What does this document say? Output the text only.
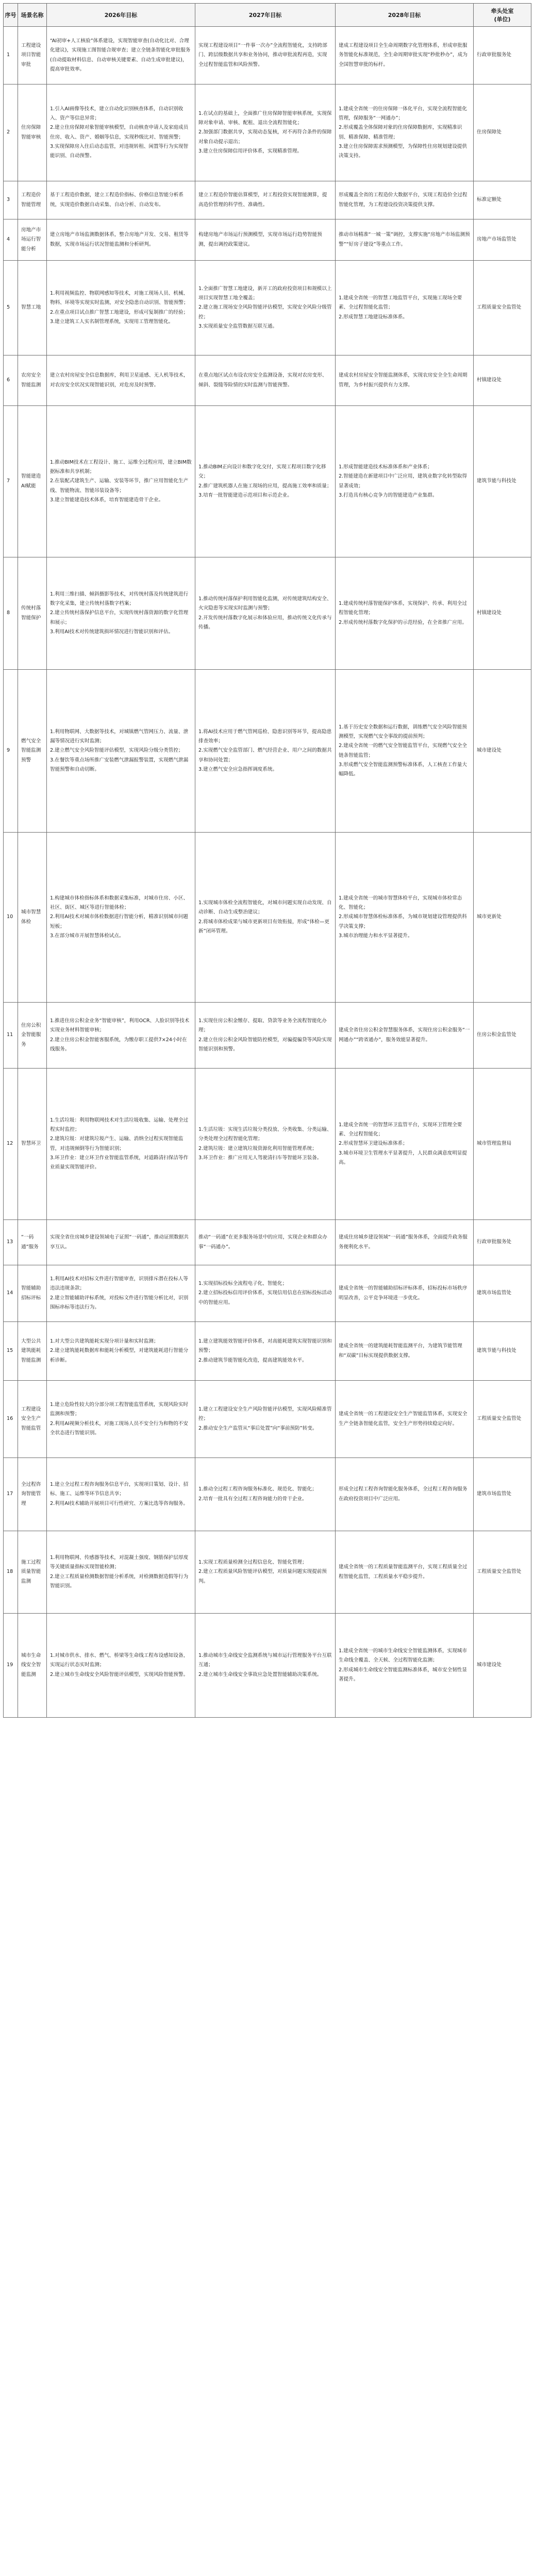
序号	场景名称	2026年目标	2027年目标	2028年目标	牵头处室
(单位)
1	工程建设项目智能审批	“AI初审+人工核验”体系建设，实现智能审查(自动化比对、合理化建议)，实现施工图智能合规审查；建立全链条智能化审批服务(自动提取材料信息、自动审核关键要素、自动生成审批建议)，提高审批效率。	实现工程建设项目“一件事一次办”全流程智能化，支持跨部门、跨层级数据共享和业务协同，推动审批流程再造，实现全过程智能监管和风险预警。	建成工程建设项目全生命周期数字化管理体系，形成审批服务智能化标准规范，全生命周期审批实现“秒批秒办”，成为全国智慧审批的标杆。	行政审批服务处
2	住房保障智能审核	1.引入AI画像等技术，建立自动化识别核查体系，自动识别收入、资产等信息异常；
2.建立住房保障对象智能审核模型，自动核查申请人及家庭成员住房、收入、资产、婚姻等信息，实现秒级比对、智能预警；
3.实现保障房入住后动态监管，对违规转租、闲置等行为实现智能识别、自动预警。	1.在试点的基础上，全面推广住房保障智能审核系统，实现保障对象申请、审核、配租、退出全流程智能化；
2.加强部门数据共享，实现动态复核，对不再符合条件的保障对象自动提示退出；
3.建立住房保障信用评价体系，实现精准管理。	1.建成全省统一的住房保障一体化平台，实现全流程智能化管理，保障服务“一网通办”；
2.形成覆盖全体保障对象的住房保障数据库，实现精准识别、精准保障、精准管理；
3.建立住房保障需求预测模型，为保障性住房规划建设提供决策支持。	住房保障处
3	工程造价智能管理	基于工程造价数据，建立工程造价指标、价格信息智能分析系统，实现造价数据自动采集、自动分析、自动发布。	建立工程造价智能估算模型，对工程投资实现智能测算，提高造价管理的科学性、准确性。	形成覆盖全省的工程造价大数据平台，实现工程造价全过程智能化管理，为工程建设投资决策提供支撑。	标准定额处
4	房地产市场运行智能分析	建立房地产市场监测数据体系，整合房地产开发、交易、租赁等数据，实现市场运行状况智能监测和分析研判。	构建房地产市场运行预测模型，实现市场运行趋势智能预测，提出调控政策建议。	推动市场精准“一城一策”调控，支撑实施“房地产市场监测预警”“好房子建设”等重点工作。	房地产市场监管处
5	智慧工地	1.利用视频监控、物联网感知等技术，对施工现场人员、机械、物料、环境等实现实时监测，对安全隐患自动识别、智能预警；
2.在重点项目试点推广智慧工地建设，形成可复制推广的经验；
3.建立建筑工人实名制管理系统，实现用工管理智能化。	1.全面推广智慧工地建设，新开工的政府投资项目和规模以上项目实现智慧工地全覆盖；
2.建立施工现场安全风险智能评估模型，实现安全风险分级管控；
3.实现质量安全监管数据互联互通。	1.建成全省统一的智慧工地监管平台，实现施工现场全要素、全过程智能化监管；
2.形成智慧工地建设标准体系。	工程质量安全监管处
6	农房安全智能监测	建立农村房屋安全信息数据库，利用卫星遥感、无人机等技术，对农房安全状况实现智能识别，对危房及时预警。	在重点地区试点布设农房安全监测设备，实现对农房变形、倾斜、裂缝等险情的实时监测与智能预警。	建成农村房屋安全智能监测体系，实现农房安全全生命周期管理，为乡村振兴提供有力支撑。	村镇建设处
7	智能建造AI赋能	1.推动BIM技术在工程设计、施工、运维全过程应用，建立BIM数据标准和共享机制；
2.在装配式建筑生产、运输、安装等环节，推广应用智能化生产线、智能物流、智能吊装设备等；
3.建立智能建造技术体系，培育智能建造骨干企业。	1.推动BIM正向设计和数字化交付，实现工程项目数字化移交；
2.推广建筑机器人在施工现场的应用，提高施工效率和质量；
3.培育一批智能建造示范项目和示范企业。	1.形成智能建造技术标准体系和产业体系；
2.智能建造在新建项目中广泛应用，建筑业数字化转型取得显著成效；
3.打造具有核心竞争力的智能建造产业集群。	建筑节能与科技处
8	传统村落智能保护	1.利用三维扫描、倾斜摄影等技术，对传统村落及传统建筑进行数字化采集，建立传统村落数字档案；
2.建立传统村落保护信息平台，实现传统村落资源的数字化管理和展示；
3.利用AI技术对传统建筑损坏情况进行智能识别和评估。	1.推动传统村落保护利用智能化监测，对传统建筑结构安全、火灾隐患等实现实时监测与预警；
2.开发传统村落数字化展示和体验应用，推动传统文化传承与传播。	1.建成传统村落智能保护体系，实现保护、传承、利用全过程智能化管理；
2.形成传统村落数字化保护的示范经验，在全省推广应用。	村镇建设处
9	燃气安全智能监测预警	1.利用物联网、大数据等技术，对城镇燃气管网压力、流量、泄漏等情况进行实时监测；
2.建立燃气安全风险智能评估模型，实现风险分级分类管控；
3.在餐饮等重点场所推广安装燃气泄漏报警装置，实现燃气泄漏智能预警和自动切断。	1.将AI技术应用于燃气管网巡检、隐患识别等环节，提高隐患排查效率；
2.实现燃气安全监管部门、燃气经营企业、用户之间的数据共享和协同处置；
3.建立燃气安全应急指挥调度系统。	1.基于历史安全数据和运行数据，训练燃气安全风险智能预测模型，实现燃气安全事故的提前预判；
2.建成全省统一的燃气安全智能监管平台，实现燃气安全全链条智能监管；
3.形成燃气安全智能监测预警标准体系，人工核查工作量大幅降低。	城市建设处
10	城市智慧体检	1.构建城市体检指标体系和数据采集标准，对城市住房、小区、社区、街区、城区等进行智能体检；
2.利用AI技术对城市体检数据进行智能分析，精准识别城市问题短板；
3.在部分城市开展智慧体检试点。	1.实现城市体检全流程智能化，对城市问题实现自动发现、自动诊断、自动生成整治建议；
2.将城市体检成果与城市更新项目有效衔接，形成“体检—更新”闭环管理。	1.建成全省统一的城市智慧体检平台，实现城市体检常态化、智能化；
2.形成城市智慧体检标准体系，为城市规划建设管理提供科学决策支撑；
3.城市治理能力和水平显著提升。	城市更新处
11	住房公积金智能服务	1.推进住房公积金业务“智能审核”，利用OCR、人脸识别等技术实现业务材料智能审核；
2.建立住房公积金智能客服系统，为缴存职工提供7×24小时在线服务。	1.实现住房公积金缴存、提取、贷款等业务全流程智能化办理；
2.建立住房公积金风险智能防控模型，对骗提骗贷等风险实现智能识别和预警。	建成全省住房公积金智慧服务体系，实现住房公积金服务“一网通办”“跨省通办”，服务效能显著提升。	住房公积金监管处
12	智慧环卫	1.生活垃圾：利用物联网技术对生活垃圾收集、运输、处理全过程实时监控；
2.建筑垃圾：对建筑垃圾产生、运输、消纳全过程实现智能监管，对违规倾倒等行为智能识别；
3.环卫作业：建立环卫作业智能监管系统，对道路清扫保洁等作业质量实现智能评价。	1.生活垃圾：实现生活垃圾分类投放、分类收集、分类运输、分类处理全过程智能化管理；
2.建筑垃圾：建立建筑垃圾资源化利用智能管理系统；
3.环卫作业：推广应用无人驾驶清扫车等智能环卫装备。	1.建成全省统一的智慧环卫监管平台，实现环卫管理全要素、全过程智能化；
2.形成智慧环卫建设标准体系；
3.城市环境卫生管理水平显著提升，人民群众满意度明显提高。	城市管理监督局
13	“一码通”服务	实现全省住房城乡建设领域电子证照“一码通”，推动证照数据共享互认。	推动“一码通”在更多服务场景中的应用，实现企业和群众办事“一码通办”。	建成住房城乡建设领域“一码通”服务体系，全面提升政务服务便利化水平。	行政审批服务处
14	智能辅助招标评标	1.利用AI技术对招标文件进行智能审查，识别排斥潜在投标人等违法违规条款；
2.建立智能辅助评标系统，对投标文件进行智能分析比对，识别围标串标等违法行为。	1.实现招标投标全流程电子化、智能化；
2.建立招标投标信用评价体系，实现信用信息在招标投标活动中的智能应用。	建成全省统一的智能辅助招标评标体系，招标投标市场秩序明显改善，公平竞争环境进一步优化。	建筑市场监管处
15	大型公共建筑能耗智能监测	1.对大型公共建筑能耗实现分项计量和实时监测；
2.建立建筑能耗数据库和能耗分析模型，对建筑能耗进行智能分析诊断。	1.建立建筑能效智能评价体系，对高能耗建筑实现智能识别和预警；
2.推动建筑节能智能化改造，提高建筑能效水平。	建成全省统一的建筑能耗智能监测平台，为建筑节能管理和“双碳”目标实现提供数据支撑。	建筑节能与科技处
16	工程建设安全生产智能监管	1.建立危险性较大的分部分项工程智能监管系统，实现风险实时监测和预警；
2.利用AI视频分析技术，对施工现场人员不安全行为和物的不安全状态进行智能识别。	1.建立工程建设安全生产风险智能评估模型，实现风险精准管控；
2.推动安全生产监管从“事后处置”向“事前预防”转变。	建成全省统一的工程建设安全生产智能监管体系，实现安全生产全链条智能化监管，安全生产形势持续稳定向好。	工程质量安全监管处
17	全过程咨询智能管理	1.建立全过程工程咨询服务信息平台，实现项目策划、设计、招标、施工、运维等环节信息共享；
2.利用AI技术辅助开展项目可行性研究、方案比选等咨询服务。	1.推动全过程工程咨询服务标准化、规范化、智能化；
2.培育一批具有全过程工程咨询能力的骨干企业。	形成全过程工程咨询智能化服务体系，全过程工程咨询服务在政府投资项目中广泛应用。	建筑市场监管处
18	施工过程质量智能监测	1.利用物联网、传感器等技术，对混凝土强度、钢筋保护层厚度等关键质量指标实现智能检测；
2.建立工程质量检测数据智能分析系统，对检测数据造假等行为智能识别。	1.实现工程质量检测全过程信息化、智能化管理；
2.建立工程质量风险智能评估模型，对质量问题实现提前预判。	建成全省统一的工程质量智能监测平台，实现工程质量全过程智能化监管，工程质量水平稳步提升。	工程质量安全监管处
19	城市生命线安全智能监测	1.对城市供水、排水、燃气、桥梁等生命线工程布设感知设备，实现运行状态实时监测；
2.建立城市生命线安全风险智能评估模型，实现风险智能预警。	1.推动城市生命线安全监测系统与城市运行管理服务平台互联互通；
2.建立城市生命线安全事故应急处置智能辅助决策系统。	1.建成全省统一的城市生命线安全智能监测体系，实现城市生命线全覆盖、全天候、全过程智能化监测；
2.形成城市生命线安全智能监测标准体系，城市安全韧性显著提升。	城市建设处
